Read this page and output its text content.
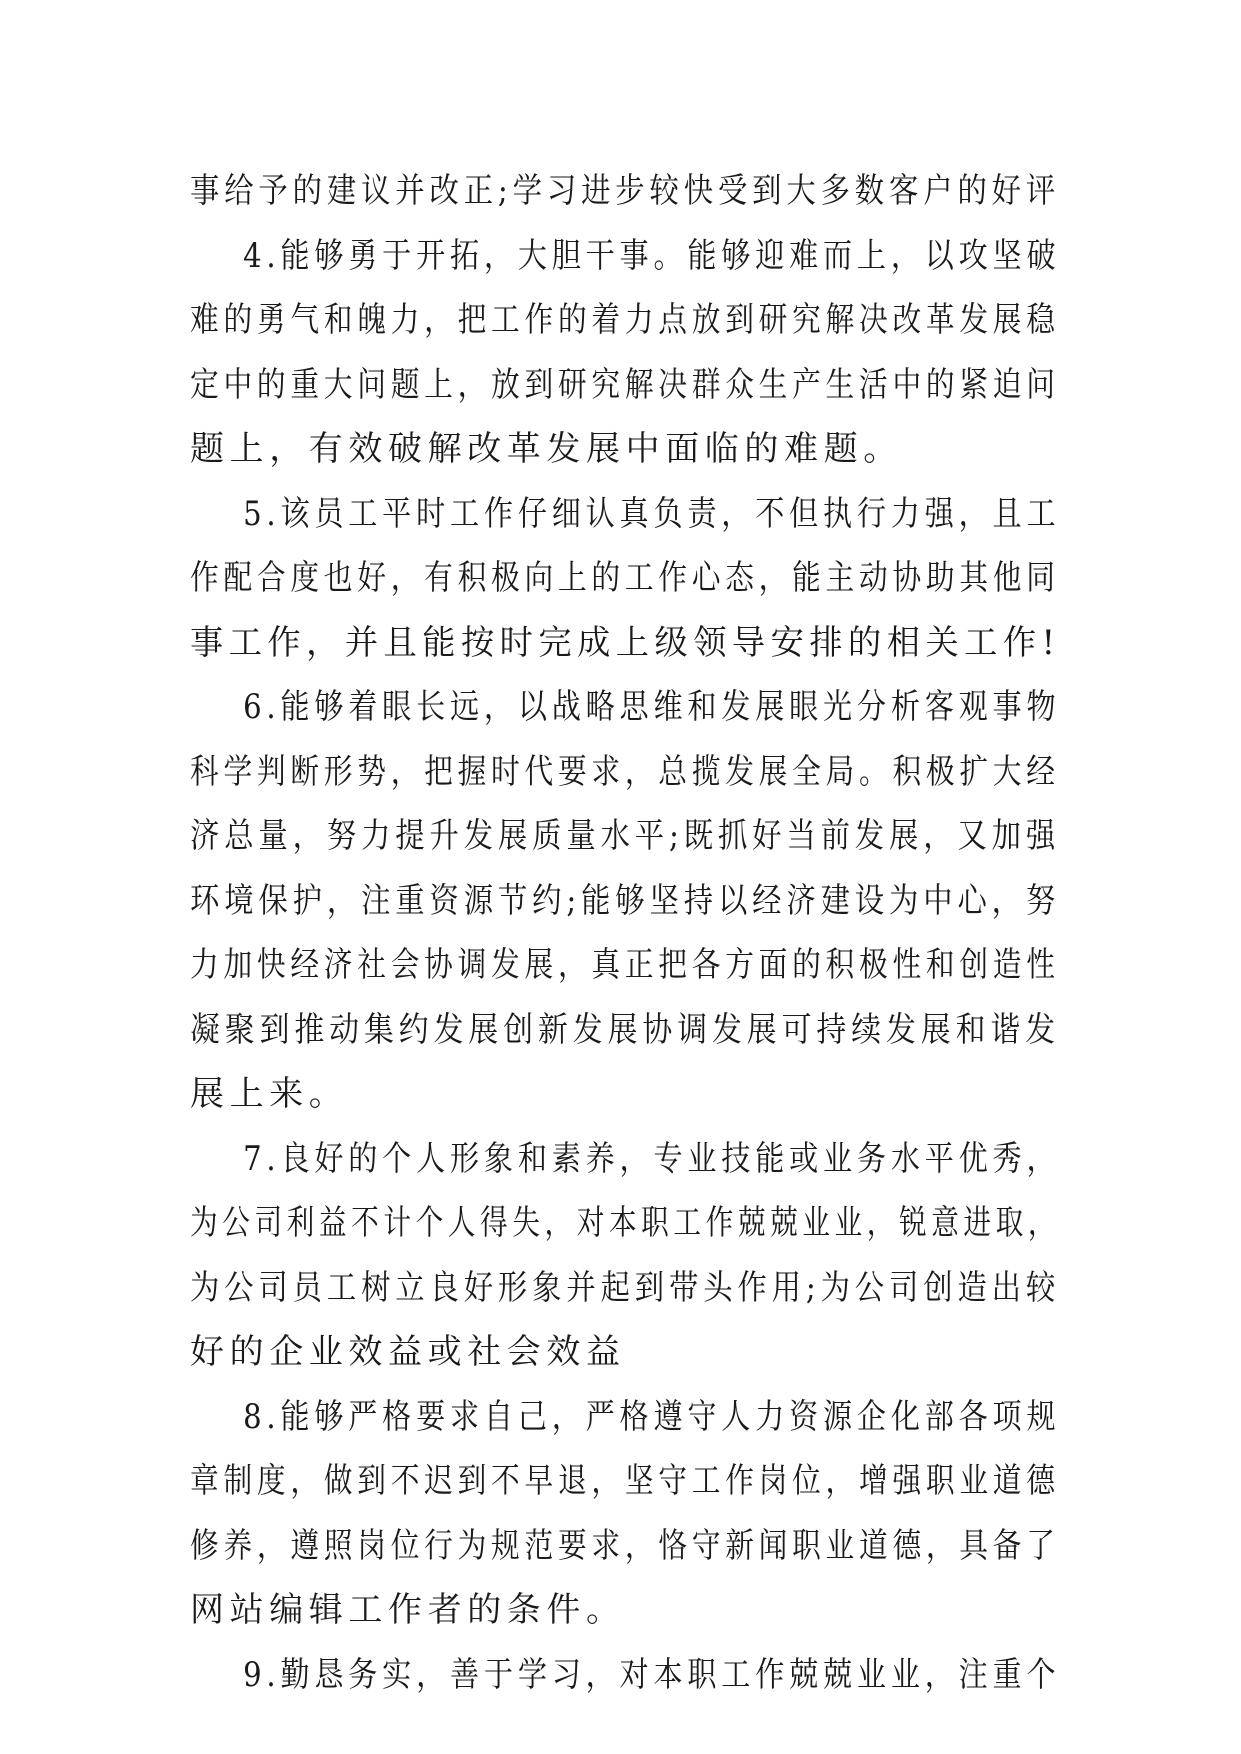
事给予的建议并改正;学习进步较快受到大多数客户的好评
4.能够勇于开拓，大胆干事。能够迎难而上，以攻坚破
难的勇气和魄力，把工作的着力点放到研究解决改革发展稳
定中的重大问题上，放到研究解决群众生产生活中的紧迫问
题上，有效破解改革发展中面临的难题。
5.该员工平时工作仔细认真负责，不但执行力强，且工
作配合度也好，有积极向上的工作心态，能主动协助其他同
事工作，并且能按时完成上级领导安排的相关工作!
6.能够着眼长远，以战略思维和发展眼光分析客观事物
科学判断形势，把握时代要求，总揽发展全局。积极扩大经
济总量，努力提升发展质量水平;既抓好当前发展，又加强
环境保护，注重资源节约;能够坚持以经济建设为中心，努
力加快经济社会协调发展，真正把各方面的积极性和创造性
凝聚到推动集约发展创新发展协调发展可持续发展和谐发
展上来。
7.良好的个人形象和素养，专业技能或业务水平优秀，
为公司利益不计个人得失，对本职工作兢兢业业，锐意进取，
为公司员工树立良好形象并起到带头作用;为公司创造出较
好的企业效益或社会效益
8.能够严格要求自己，严格遵守人力资源企化部各项规
章制度，做到不迟到不早退，坚守工作岗位，增强职业道德
修养，遵照岗位行为规范要求，恪守新闻职业道德，具备了
网站编辑工作者的条件。
9.勤恳务实，善于学习，对本职工作兢兢业业，注重个
